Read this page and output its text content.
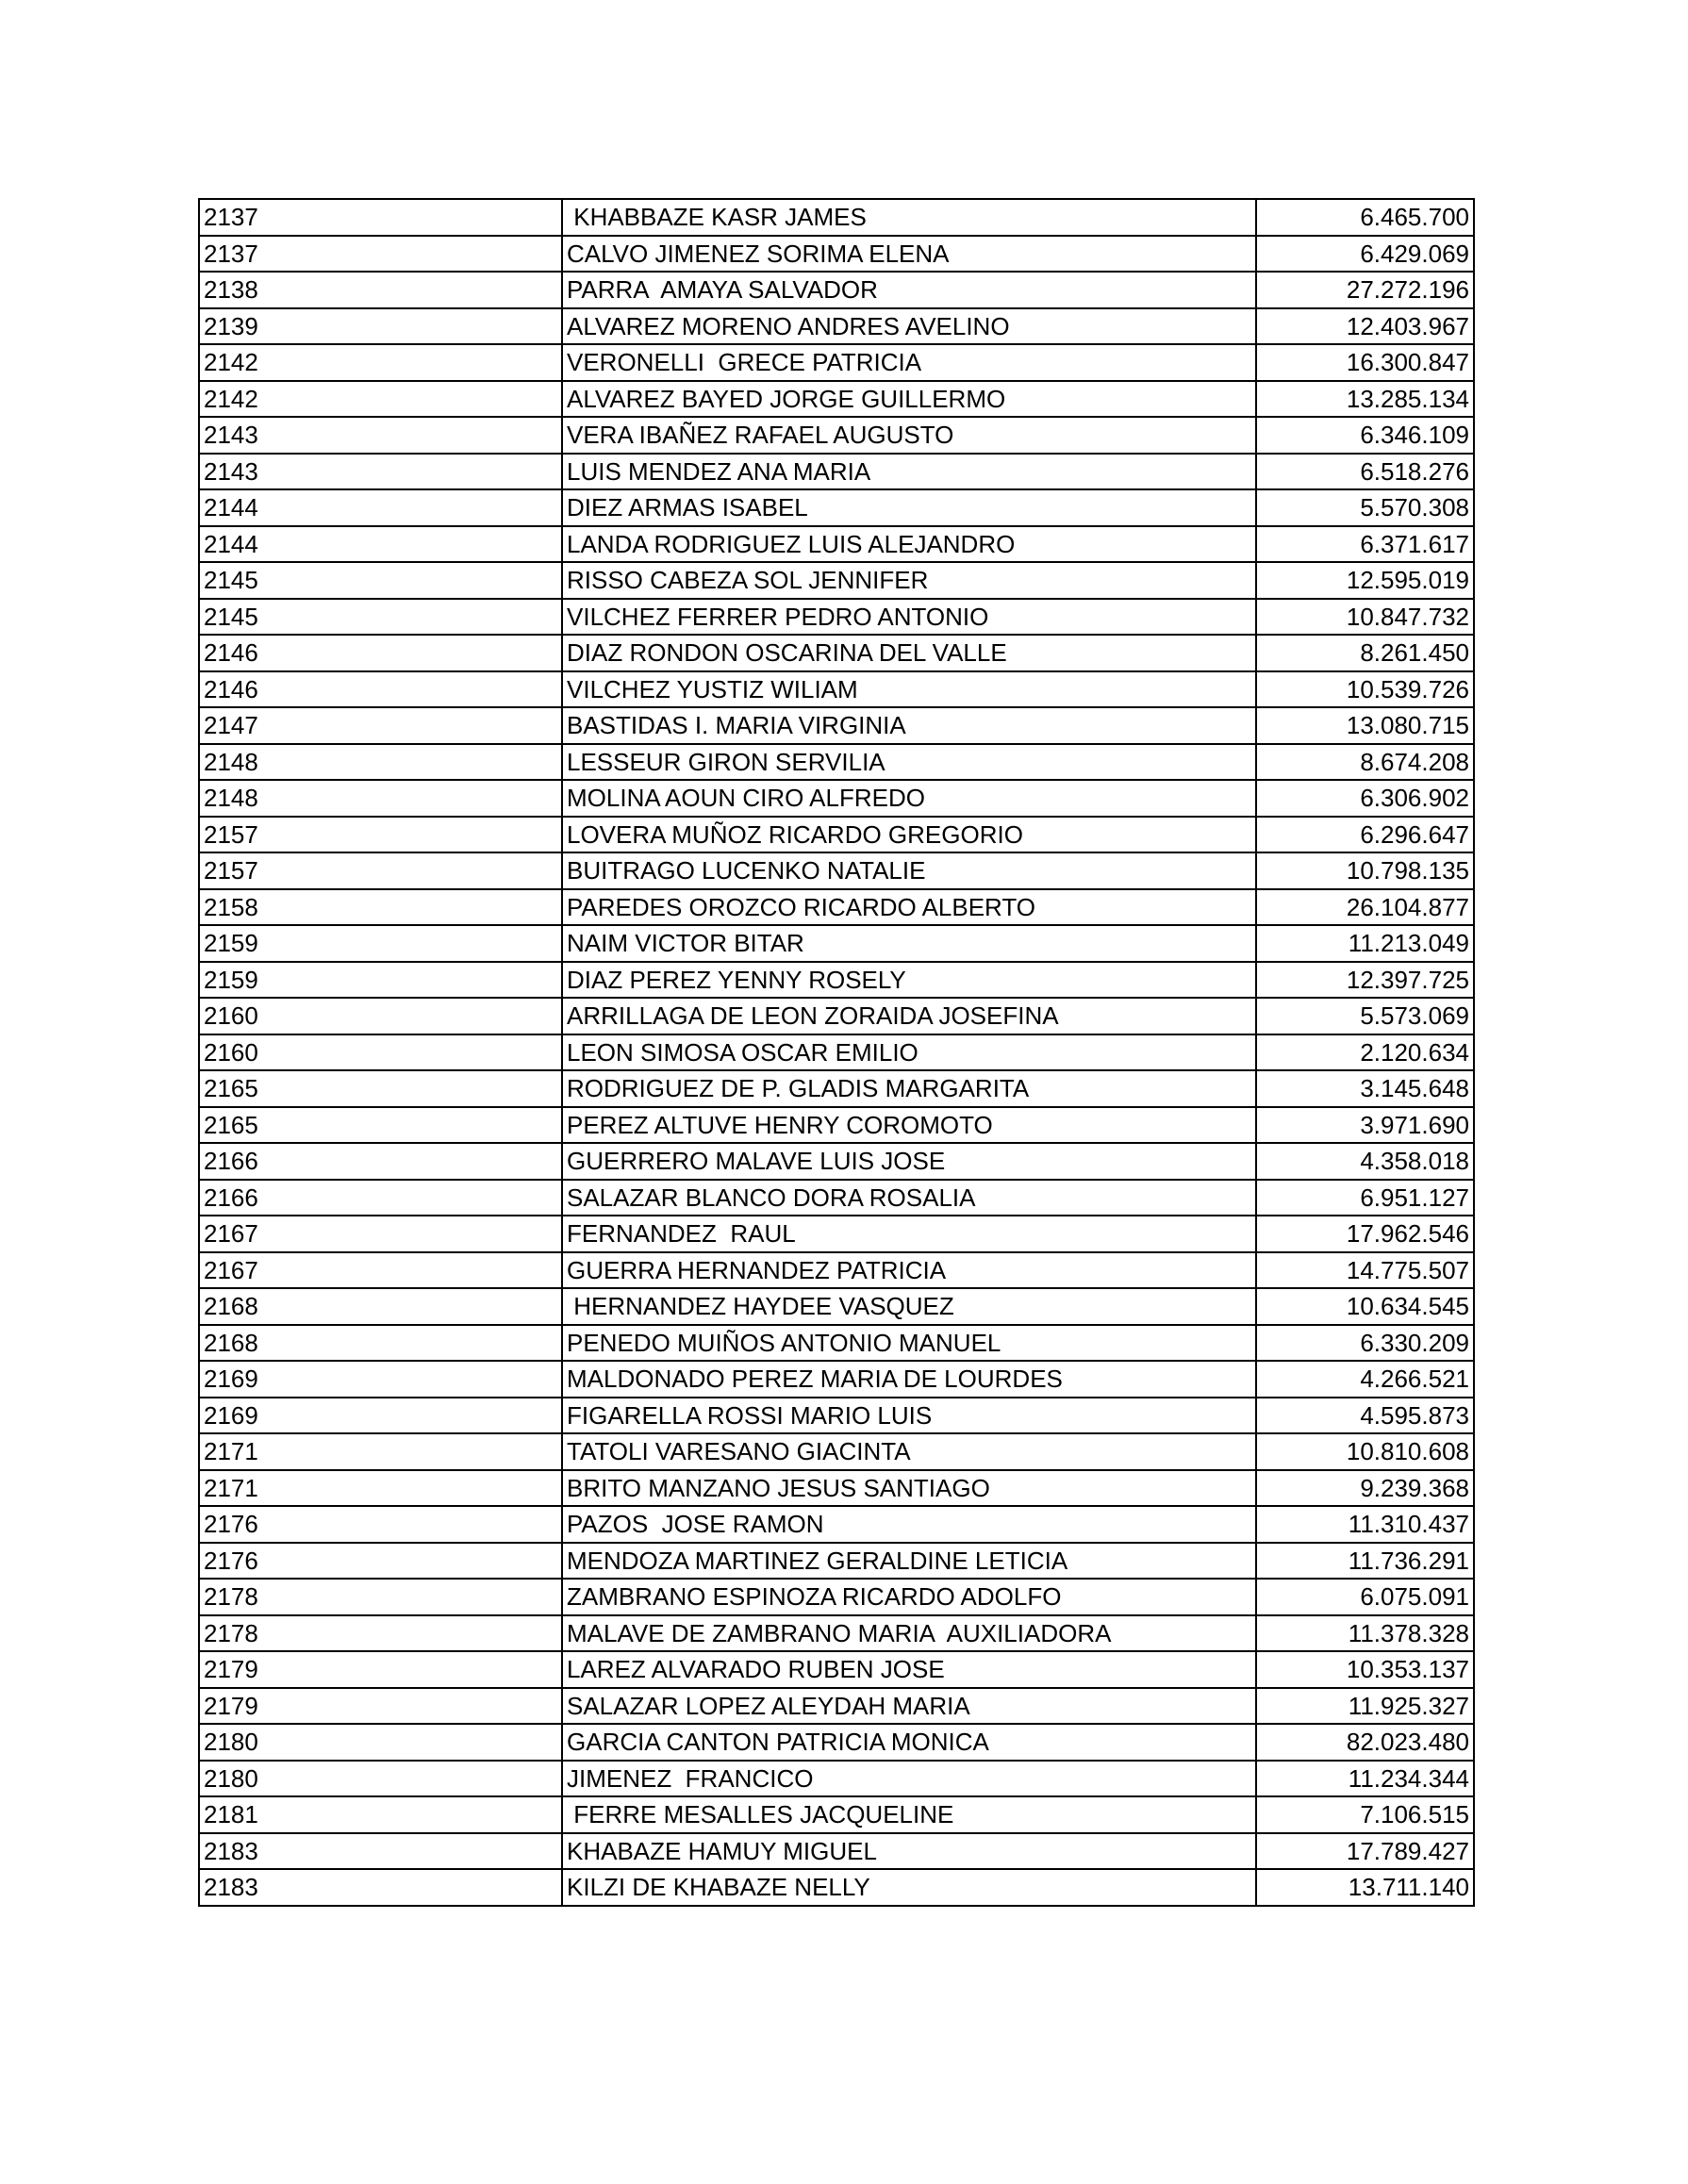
2137	KHABBAZE KASR JAMES	6.465.700
2137	CALVO JIMENEZ SORIMA ELENA	6.429.069
2138	PARRA  AMAYA SALVADOR	27.272.196
2139	ALVAREZ MORENO ANDRES AVELINO	12.403.967
2142	VERONELLI  GRECE PATRICIA	16.300.847
2142	ALVAREZ BAYED JORGE GUILLERMO	13.285.134
2143	VERA IBAÑEZ RAFAEL AUGUSTO	6.346.109
2143	LUIS MENDEZ ANA MARIA	6.518.276
2144	DIEZ ARMAS ISABEL	5.570.308
2144	LANDA RODRIGUEZ LUIS ALEJANDRO	6.371.617
2145	RISSO CABEZA SOL JENNIFER	12.595.019
2145	VILCHEZ FERRER PEDRO ANTONIO	10.847.732
2146	DIAZ RONDON OSCARINA DEL VALLE	8.261.450
2146	VILCHEZ YUSTIZ WILIAM	10.539.726
2147	BASTIDAS I. MARIA VIRGINIA	13.080.715
2148	LESSEUR GIRON SERVILIA	8.674.208
2148	MOLINA AOUN CIRO ALFREDO	6.306.902
2157	LOVERA MUÑOZ RICARDO GREGORIO	6.296.647
2157	BUITRAGO LUCENKO NATALIE	10.798.135
2158	PAREDES OROZCO RICARDO ALBERTO	26.104.877
2159	NAIM VICTOR BITAR	11.213.049
2159	DIAZ PEREZ YENNY ROSELY	12.397.725
2160	ARRILLAGA DE LEON ZORAIDA JOSEFINA	5.573.069
2160	LEON SIMOSA OSCAR EMILIO	2.120.634
2165	RODRIGUEZ DE P. GLADIS MARGARITA	3.145.648
2165	PEREZ ALTUVE HENRY COROMOTO	3.971.690
2166	GUERRERO MALAVE LUIS JOSE	4.358.018
2166	SALAZAR BLANCO DORA ROSALIA	6.951.127
2167	FERNANDEZ  RAUL	17.962.546
2167	GUERRA HERNANDEZ PATRICIA	14.775.507
2168	HERNANDEZ HAYDEE VASQUEZ	10.634.545
2168	PENEDO MUIÑOS ANTONIO MANUEL	6.330.209
2169	MALDONADO PEREZ MARIA DE LOURDES	4.266.521
2169	FIGARELLA ROSSI MARIO LUIS	4.595.873
2171	TATOLI VARESANO GIACINTA	10.810.608
2171	BRITO MANZANO JESUS SANTIAGO	9.239.368
2176	PAZOS  JOSE RAMON	11.310.437
2176	MENDOZA MARTINEZ GERALDINE LETICIA	11.736.291
2178	ZAMBRANO ESPINOZA RICARDO ADOLFO	6.075.091
2178	MALAVE DE ZAMBRANO MARIA  AUXILIADORA	11.378.328
2179	LAREZ ALVARADO RUBEN JOSE	10.353.137
2179	SALAZAR LOPEZ ALEYDAH MARIA	11.925.327
2180	GARCIA CANTON PATRICIA MONICA	82.023.480
2180	JIMENEZ  FRANCICO	11.234.344
2181	FERRE MESALLES JACQUELINE	7.106.515
2183	KHABAZE HAMUY MIGUEL	17.789.427
2183	KILZI DE KHABAZE NELLY	13.711.140
